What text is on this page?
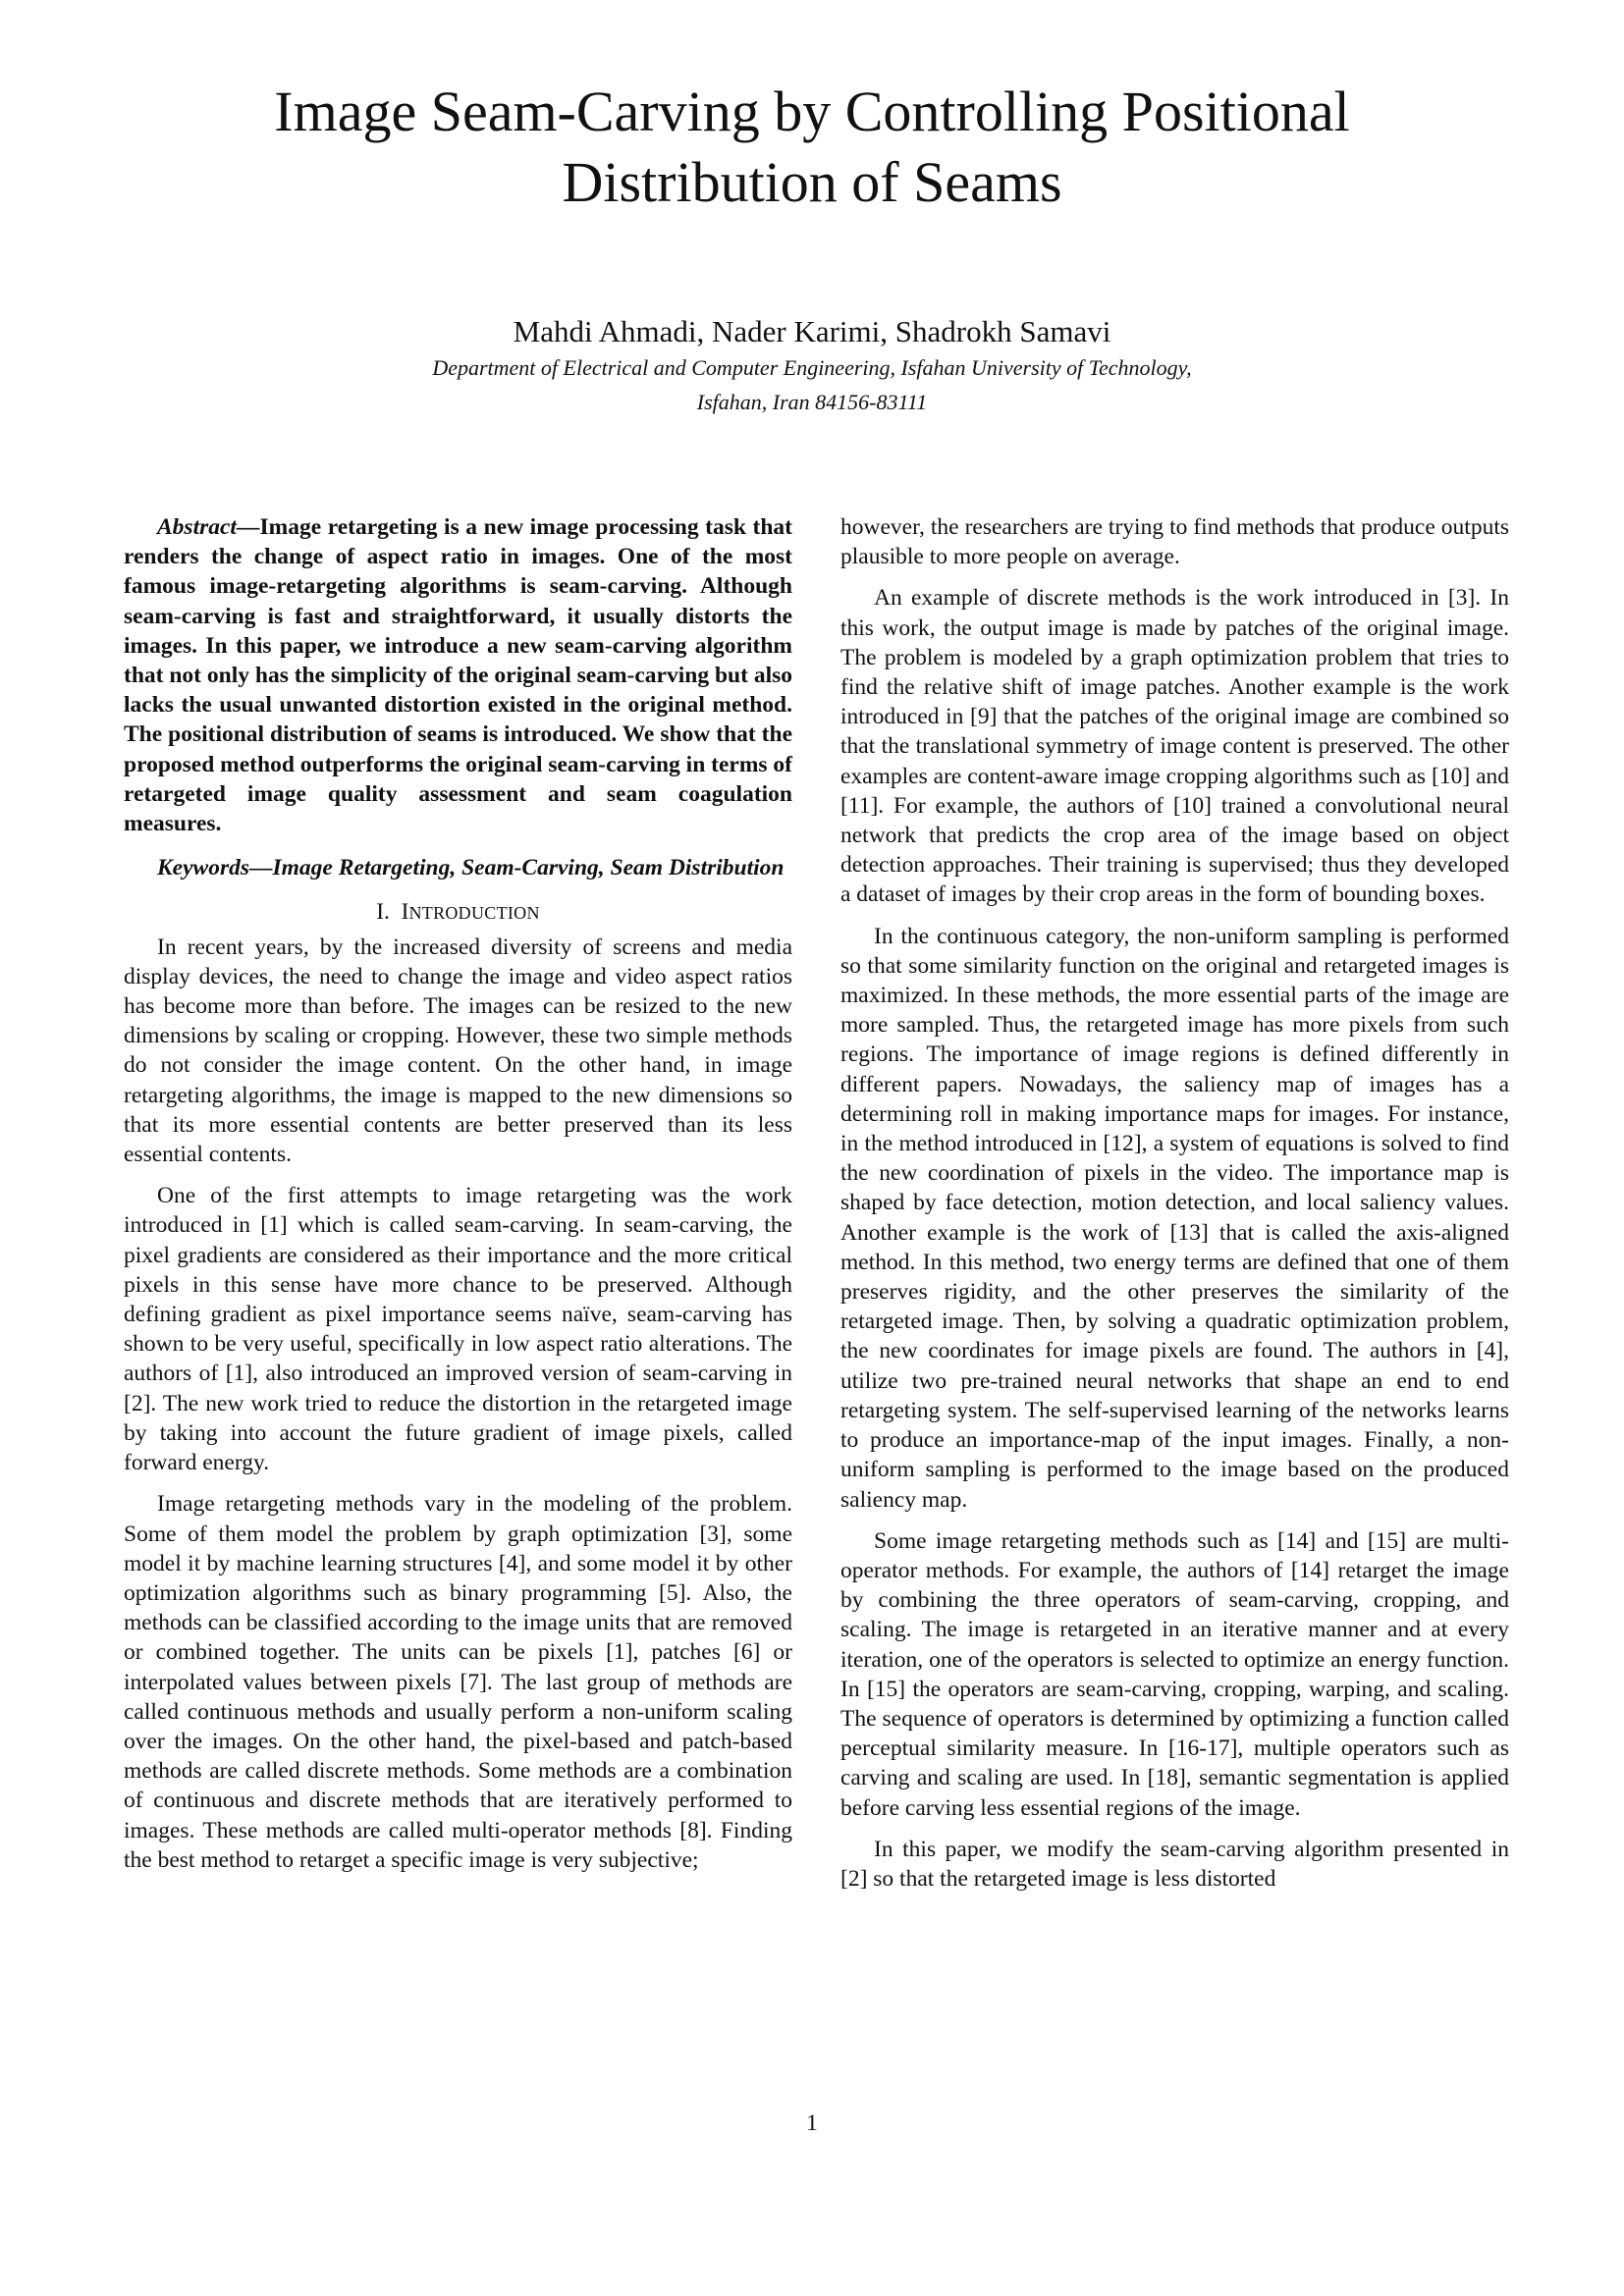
Image Seam-Carving by Controlling Positional
Distribution of Seams
Mahdi Ahmadi, Nader Karimi, Shadrokh Samavi
Department of Electrical and Computer Engineering, Isfahan University of Technology,
Isfahan, Iran 84156-83111

Abstract—Image retargeting is a new image processing task that renders the change of aspect ratio in images. One of the most famous image-retargeting algorithms is seam-carving. Although seam-carving is fast and straightforward, it usually distorts the images. In this paper, we introduce a new seam-carving algorithm that not only has the simplicity of the original seam-carving but also lacks the usual unwanted distortion existed in the original method. The positional distribution of seams is introduced. We show that the proposed method outperforms the original seam-carving in terms of retargeted image quality assessment and seam coagulation measures.

Keywords—Image Retargeting, Seam-Carving, Seam Distribution

I. INTRODUCTION

In recent years, by the increased diversity of screens and media display devices, the need to change the image and video aspect ratios has become more than before. The images can be resized to the new dimensions by scaling or cropping. However, these two simple methods do not consider the image content. On the other hand, in image retargeting algorithms, the image is mapped to the new dimensions so that its more essential contents are better preserved than its less essential contents.

One of the first attempts to image retargeting was the work introduced in [1] which is called seam-carving. In seam-carving, the pixel gradients are considered as their importance and the more critical pixels in this sense have more chance to be preserved. Although defining gradient as pixel importance seems naïve, seam-carving has shown to be very useful, specifically in low aspect ratio alterations. The authors of [1], also introduced an improved version of seam-carving in [2]. The new work tried to reduce the distortion in the retargeted image by taking into account the future gradient of image pixels, called forward energy.

Image retargeting methods vary in the modeling of the problem. Some of them model the problem by graph optimization [3], some model it by machine learning structures [4], and some model it by other optimization algorithms such as binary programming [5]. Also, the methods can be classified according to the image units that are removed or combined together. The units can be pixels [1], patches [6] or interpolated values between pixels [7]. The last group of methods are called continuous methods and usually perform a non-uniform scaling over the images. On the other hand, the pixel-based and patch-based methods are called discrete methods. Some methods are a combination of continuous and discrete methods that are iteratively performed to images. These methods are called multi-operator methods [8]. Finding the best method to retarget a specific image is very subjective;

however, the researchers are trying to find methods that produce outputs plausible to more people on average.

An example of discrete methods is the work introduced in [3]. In this work, the output image is made by patches of the original image. The problem is modeled by a graph optimization problem that tries to find the relative shift of image patches. Another example is the work introduced in [9] that the patches of the original image are combined so that the translational symmetry of image content is preserved. The other examples are content-aware image cropping algorithms such as [10] and [11]. For example, the authors of [10] trained a convolutional neural network that predicts the crop area of the image based on object detection approaches. Their training is supervised; thus they developed a dataset of images by their crop areas in the form of bounding boxes.

In the continuous category, the non-uniform sampling is performed so that some similarity function on the original and retargeted images is maximized. In these methods, the more essential parts of the image are more sampled. Thus, the retargeted image has more pixels from such regions. The importance of image regions is defined differently in different papers. Nowadays, the saliency map of images has a determining roll in making importance maps for images. For instance, in the method introduced in [12], a system of equations is solved to find the new coordination of pixels in the video. The importance map is shaped by face detection, motion detection, and local saliency values. Another example is the work of [13] that is called the axis-aligned method. In this method, two energy terms are defined that one of them preserves rigidity, and the other preserves the similarity of the retargeted image. Then, by solving a quadratic optimization problem, the new coordinates for image pixels are found. The authors in [4], utilize two pre-trained neural networks that shape an end to end retargeting system. The self-supervised learning of the networks learns to produce an importance-map of the input images. Finally, a non-uniform sampling is performed to the image based on the produced saliency map.

Some image retargeting methods such as [14] and [15] are multi-operator methods. For example, the authors of [14] retarget the image by combining the three operators of seam-carving, cropping, and scaling. The image is retargeted in an iterative manner and at every iteration, one of the operators is selected to optimize an energy function. In [15] the operators are seam-carving, cropping, warping, and scaling. The sequence of operators is determined by optimizing a function called perceptual similarity measure. In [16-17], multiple operators such as carving and scaling are used. In [18], semantic segmentation is applied before carving less essential regions of the image.

In this paper, we modify the seam-carving algorithm presented in [2] so that the retargeted image is less distorted

1
